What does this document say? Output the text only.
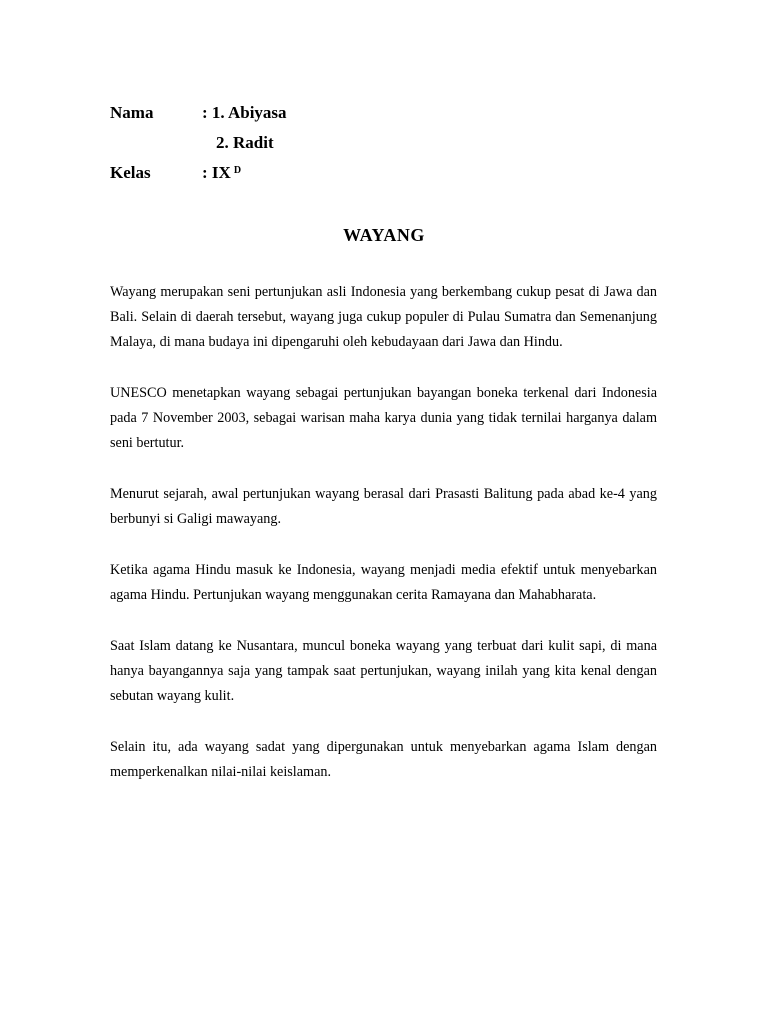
Nama	: 1. Abiyasa
2. Radit
Kelas	: IX $^D$
WAYANG

Wayang merupakan seni pertunjukan asli Indonesia yang berkembang cukup pesat di Jawa dan Bali. Selain di daerah tersebut, wayang juga cukup populer di Pulau Sumatra dan Semenanjung Malaya, di mana budaya ini dipengaruhi oleh kebudayaan dari Jawa dan Hindu.

UNESCO menetapkan wayang sebagai pertunjukan bayangan boneka terkenal dari Indonesia pada 7 November 2003, sebagai warisan maha karya dunia yang tidak ternilai harganya dalam seni bertutur.

Menurut sejarah, awal pertunjukan wayang berasal dari Prasasti Balitung pada abad ke-4 yang berbunyi si Galigi mawayang.

Ketika agama Hindu masuk ke Indonesia, wayang menjadi media efektif untuk menyebarkan agama Hindu. Pertunjukan wayang menggunakan cerita Ramayana dan Mahabharata.

Saat Islam datang ke Nusantara, muncul boneka wayang yang terbuat dari kulit sapi, di mana hanya bayangannya saja yang tampak saat pertunjukan, wayang inilah yang kita kenal dengan sebutan wayang kulit.

Selain itu, ada wayang sadat yang dipergunakan untuk menyebarkan agama Islam dengan memperkenalkan nilai-nilai keislaman.
